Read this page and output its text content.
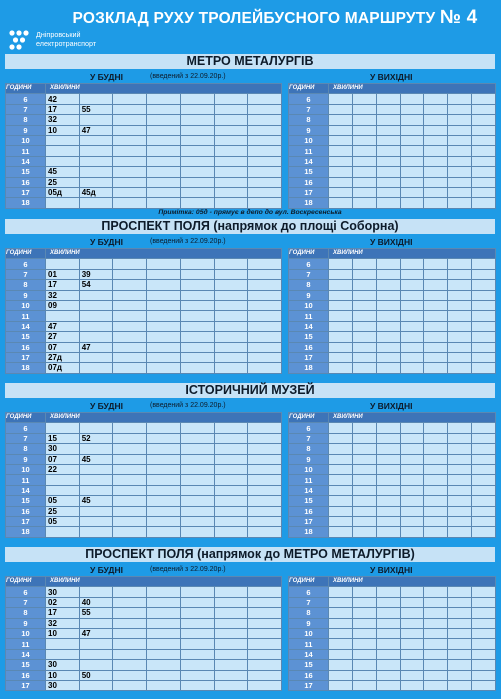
РОЗКЛАД РУХУ ТРОЛЕЙБУСНОГО МАРШРУТУ № 4
Дніпровський
електротранспорт
МЕТРО МЕТАЛУРГІВ
У БУДНІ	(введений з 22.09.20р.)	У ВИХІДНІ
ГОДИНИ	ХВИЛИНИ						
6	42						
7	17	55					
8	32						
9	10	47					
10							
11							
14							
15	45						
16	25						
17	05д	45д					
18							
ГОДИНИ	ХВИЛИНИ						
6							
7							
8							
9							
10							
11							
14							
15							
16							
17							
18							
Примітка: 05д - прямує в депо до вул. Воскресенська
ПРОСПЕКТ ПОЛЯ (напрямок до площі Соборна)
У БУДНІ	(введений з 22.09.20р.)	У ВИХІДНІ
ГОДИНИ	ХВИЛИНИ						
6							
7	01	39					
8	17	54					
9	32						
10	09						
11							
14	47						
15	27						
16	07	47					
17	27д						
18	07д						
ГОДИНИ	ХВИЛИНИ						
6							
7							
8							
9							
10							
11							
14							
15							
16							
17							
18							
ІСТОРИЧНИЙ МУЗЕЙ
У БУДНІ	(введений з 22.09.20р.)	У ВИХІДНІ
ГОДИНИ	ХВИЛИНИ						
6							
7	15	52					
8	30						
9	07	45					
10	22						
11							
14							
15	05	45					
16	25						
17	05						
18							
ГОДИНИ	ХВИЛИНИ						
6							
7							
8							
9							
10							
11							
14							
15							
16							
17							
18							
ПРОСПЕКТ ПОЛЯ (напрямок до МЕТРО МЕТАЛУРГІВ)
У БУДНІ	(введений з 22.09.20р.)	У ВИХІДНІ
ГОДИНИ	ХВИЛИНИ						
6	30						
7	02	40					
8	17	55					
9	32						
10	10	47					
11							
14							
15	30						
16	10	50					
17	30						
ГОДИНИ	ХВИЛИНИ						
6							
7							
8							
9							
10							
11							
14							
15							
16							
17							
